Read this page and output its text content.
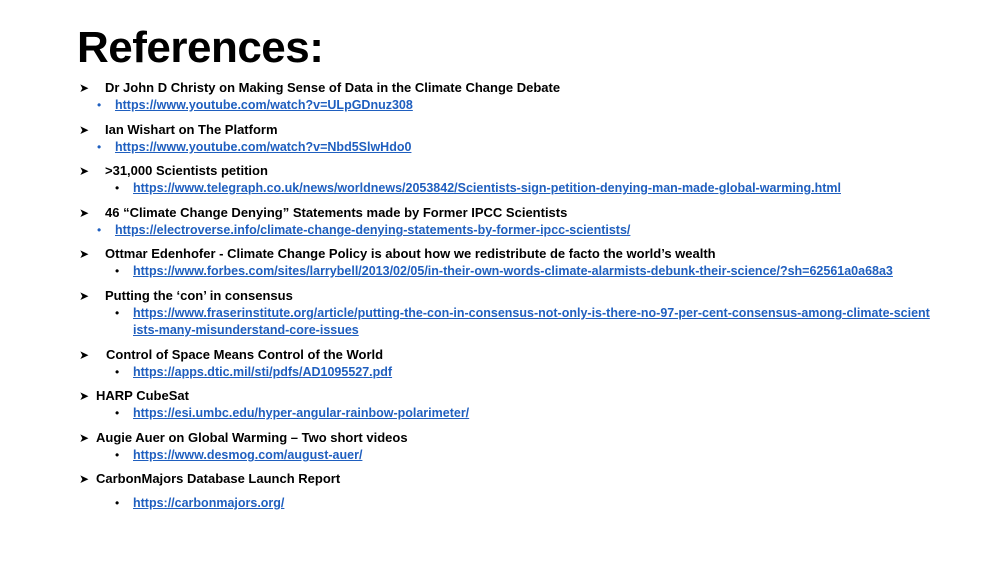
References:
➤ Dr John D Christy on Making Sense of Data in the Climate Change Debate
• https://www.youtube.com/watch?v=ULpGDnuz308
➤ Ian Wishart on The Platform
• https://www.youtube.com/watch?v=Nbd5SlwHdo0
➤ >31,000 Scientists petition
• https://www.telegraph.co.uk/news/worldnews/2053842/Scientists-sign-petition-denying-man-made-global-warming.html
➤ 46 “Climate Change Denying” Statements made by Former IPCC Scientists
• https://electroverse.info/climate-change-denying-statements-by-former-ipcc-scientists/
➤ Ottmar Edenhofer - Climate Change Policy is about how we redistribute de facto the world’s wealth
• https://www.forbes.com/sites/larrybell/2013/02/05/in-their-own-words-climate-alarmists-debunk-their-science/?sh=62561a0a68a3
➤ Putting the ‘con’ in consensus
• https://www.fraserinstitute.org/article/putting-the-con-in-consensus-not-only-is-there-no-97-per-cent-consensus-among-climate-scientists-many-misunderstand-core-issues
➤ Control of Space Means Control of the World
• https://apps.dtic.mil/sti/pdfs/AD1095527.pdf
➤ HARP CubeSat
• https://esi.umbc.edu/hyper-angular-rainbow-polarimeter/
➤ Augie Auer on Global Warming – Two short videos
• https://www.desmog.com/august-auer/
➤ CarbonMajors Database Launch Report
• https://carbonmajors.org/
